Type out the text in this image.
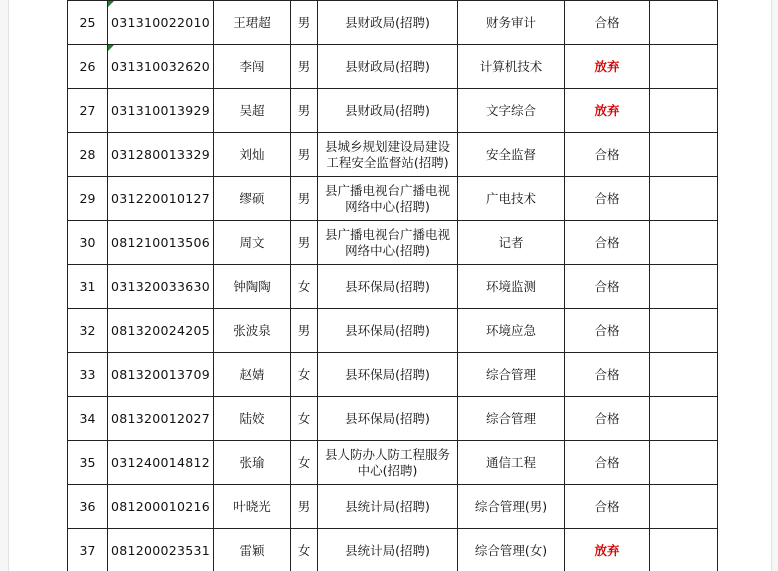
25	031310022010	王珺超	男	县财政局(招聘)	财务审计	合格	
26	031310032620	李闯	男	县财政局(招聘)	计算机技术	放弃	
27	031310013929	吴超	男	县财政局(招聘)	文字综合	放弃	
28	031280013329	刘灿	男	县城乡规划建设局建设工程安全监督站(招聘)	安全监督	合格	
29	031220010127	缪硕	男	县广播电视台广播电视网络中心(招聘)	广电技术	合格	
30	081210013506	周文	男	县广播电视台广播电视网络中心(招聘)	记者	合格	
31	031320033630	钟陶陶	女	县环保局(招聘)	环境监测	合格	
32	081320024205	张波泉	男	县环保局(招聘)	环境应急	合格	
33	081320013709	赵婧	女	县环保局(招聘)	综合管理	合格	
34	081320012027	陆姣	女	县环保局(招聘)	综合管理	合格	
35	031240014812	张瑜	女	县人防办人防工程服务中心(招聘)	通信工程	合格	
36	081200010216	叶晓光	男	县统计局(招聘)	综合管理(男)	合格	
37	081200023531	雷颖	女	县统计局(招聘)	综合管理(女)	放弃	
